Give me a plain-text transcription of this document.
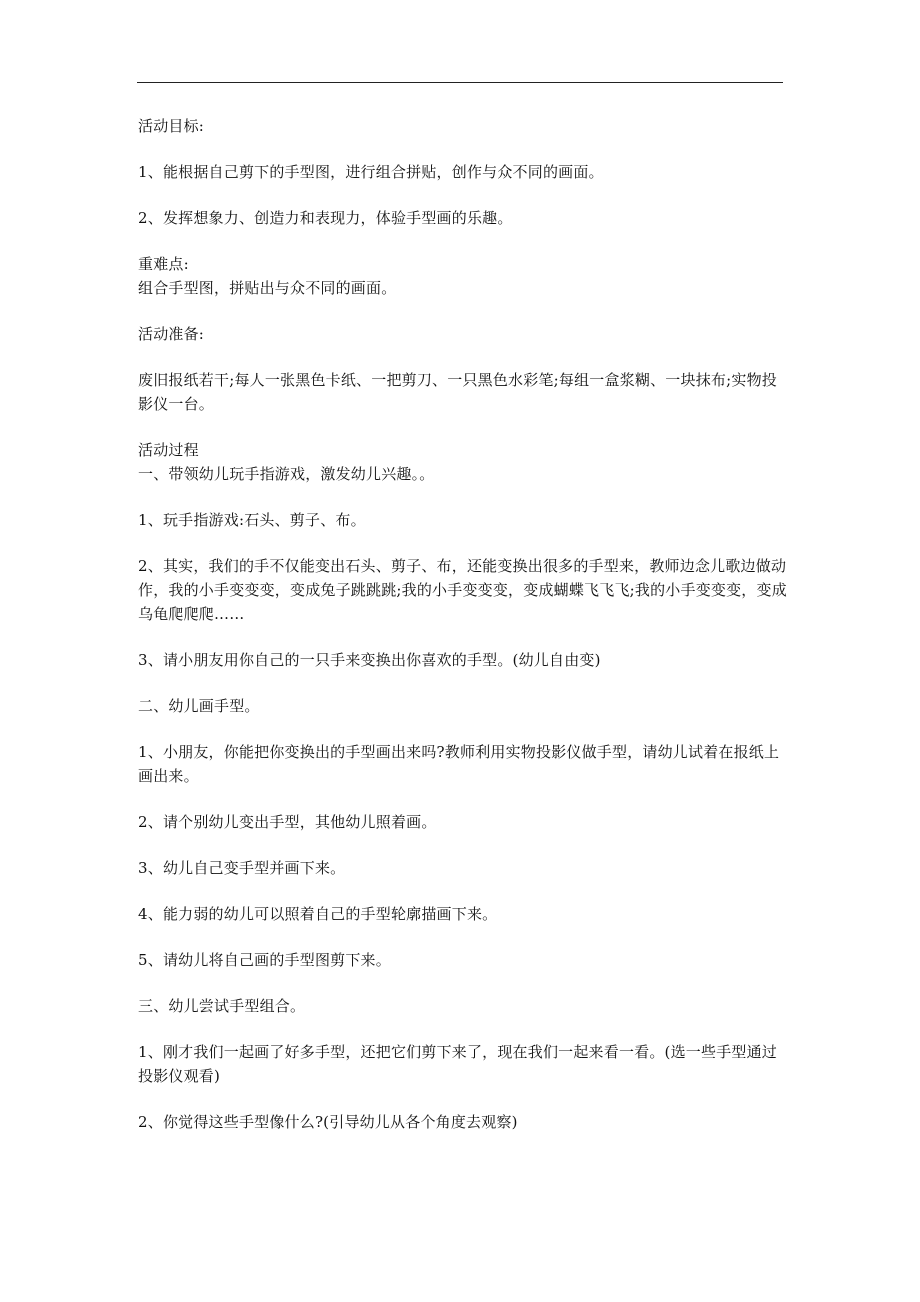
活动目标:

1、能根据自己剪下的手型图，进行组合拼贴，创作与众不同的画面。

2、发挥想象力、创造力和表现力，体验手型画的乐趣。

重难点:

组合手型图，拼贴出与众不同的画面。

活动准备:

废旧报纸若干;每人一张黑色卡纸、一把剪刀、一只黑色水彩笔;每组一盒浆糊、一块抹布;实物投影仪一台。

活动过程

一、带领幼儿玩手指游戏，激发幼儿兴趣。。

1、玩手指游戏:石头、剪子、布。

2、其实，我们的手不仅能变出石头、剪子、布，还能变换出很多的手型来，教师边念儿歌边做动作，我的小手变变变，变成兔子跳跳跳;我的小手变变变，变成蝴蝶飞飞飞;我的小手变变变，变成乌龟爬爬爬……

3、请小朋友用你自己的一只手来变换出你喜欢的手型。(幼儿自由变)

二、幼儿画手型。

1、小朋友，你能把你变换出的手型画出来吗?教师利用实物投影仪做手型，请幼儿试着在报纸上画出来。

2、请个别幼儿变出手型，其他幼儿照着画。

3、幼儿自己变手型并画下来。

4、能力弱的幼儿可以照着自己的手型轮廓描画下来。

5、请幼儿将自己画的手型图剪下来。

三、幼儿尝试手型组合。

1、刚才我们一起画了好多手型，还把它们剪下来了，现在我们一起来看一看。(选一些手型通过投影仪观看)

2、你觉得这些手型像什么?(引导幼儿从各个角度去观察)
